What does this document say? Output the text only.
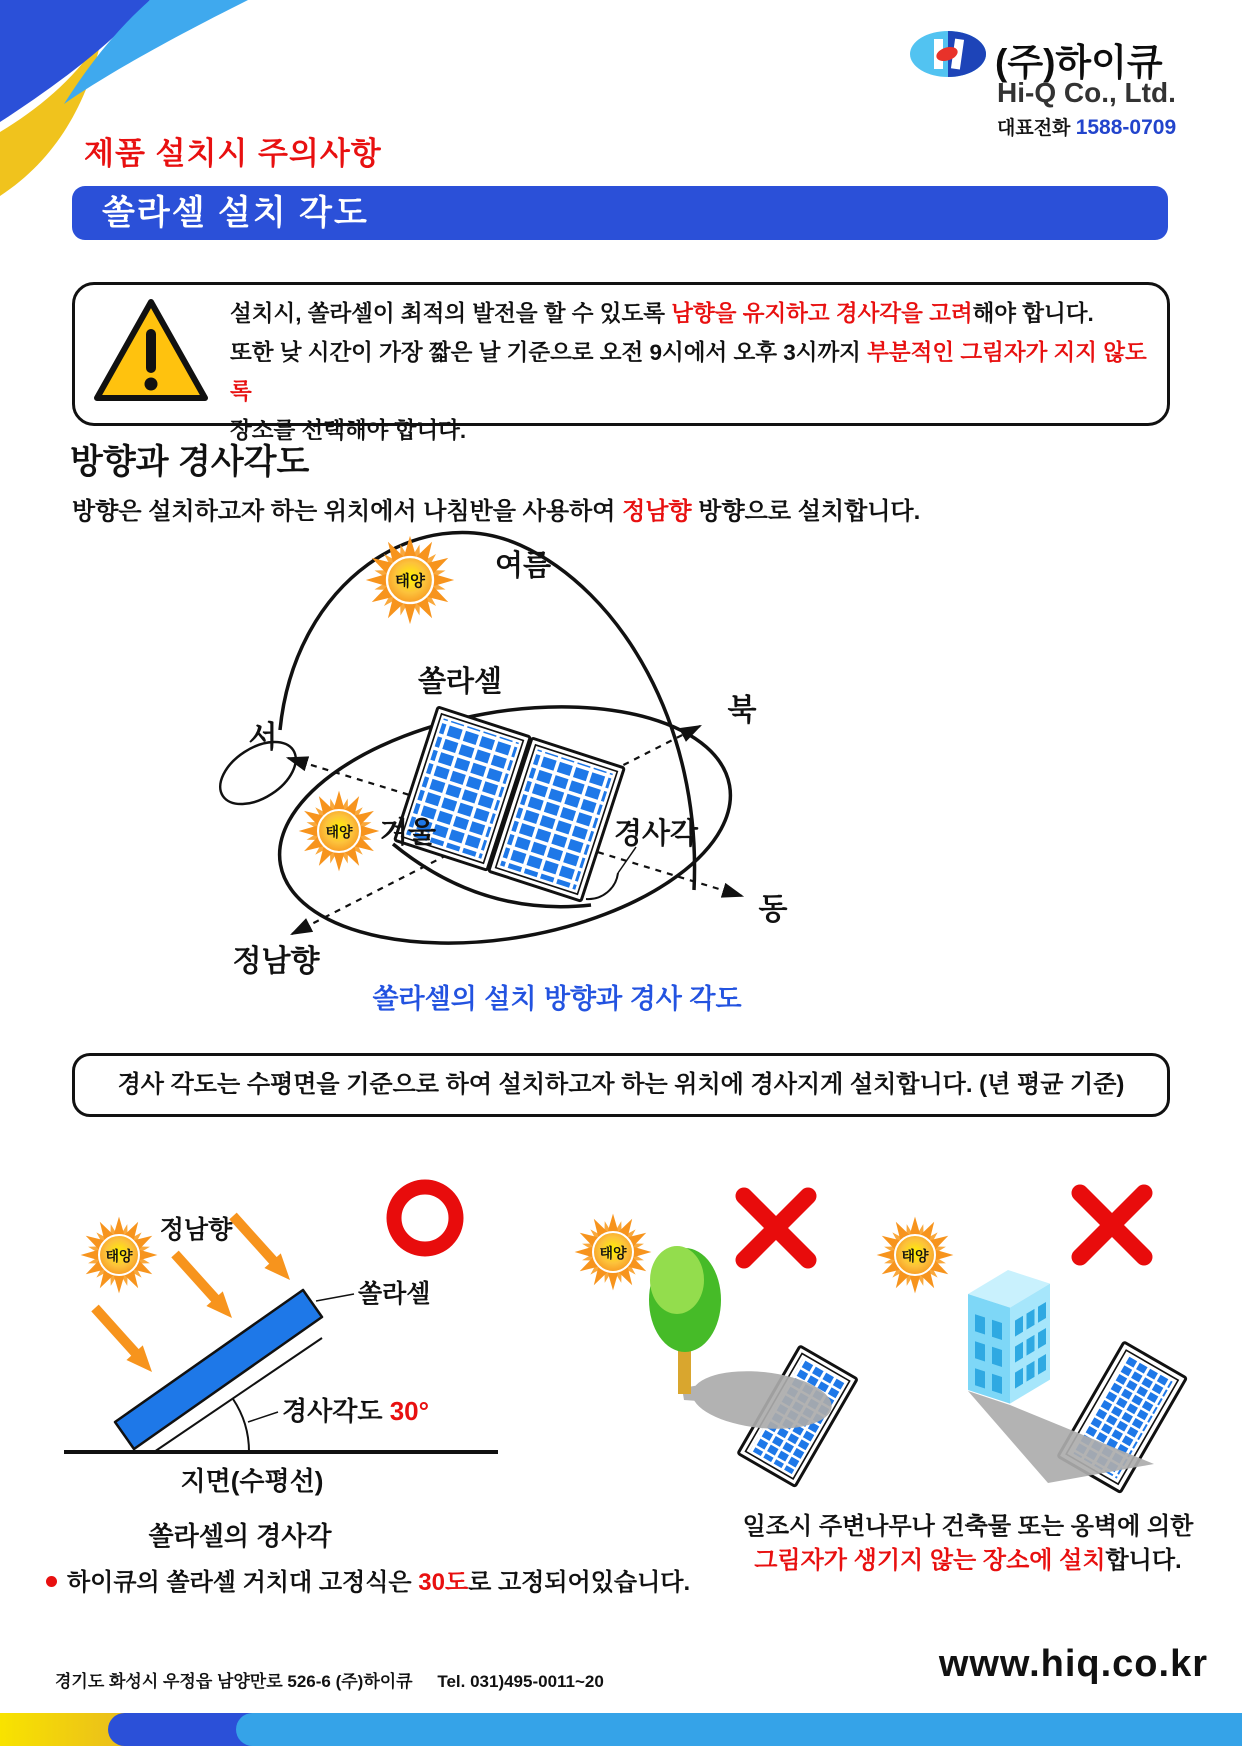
(주)하이큐
Hi-Q Co., Ltd.
대표전화 1588-0709
제품 설치시 주의사항
쏠라셀 설치 각도
설치시, 쏠라셀이 최적의 발전을 할 수 있도록 남향을 유지하고 경사각을 고려해야 합니다.
또한 낮 시간이 가장 짧은 날 기준으로 오전 9시에서 오후 3시까지 부분적인 그림자가 지지 않도록
장소를 선택해야 합니다.
방향과 경사각도
방향은 설치하고자 하는 위치에서 나침반을 사용하여 정남향 방향으로 설치합니다.
태양
태양
여름
쏠라셀
북
서
겨울	경사각
동
정남향
쏠라셀의 설치 방향과 경사 각도
경사 각도는 수평면을 기준으로 하여 설치하고자 하는 위치에 경사지게 설치합니다. (년 평균 기준)
태양
정남향
쏠라셀
경사각도 30°
지면(수평선)
태양	태양
쏠라셀의 경사각
하이큐의 쏠라셀 거치대 고정식은 30도로 고정되어있습니다.
일조시 주변나무나 건축물 또는 옹벽에 의한
그림자가 생기지 않는 장소에 설치합니다.
경기도 화성시 우정읍 남양만로 526-6 (주)하이큐 Tel. 031)495-0011~20	www.hiq.co.kr
